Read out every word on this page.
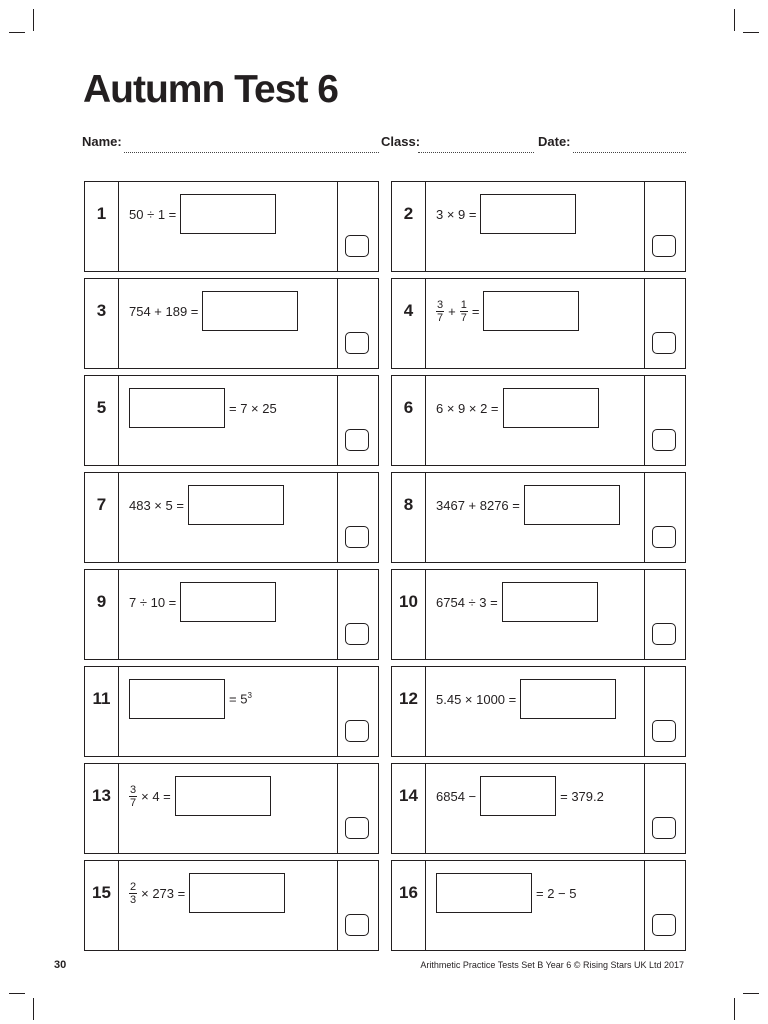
Autumn Test 6
Name:	Class:	Date:
1	50 ÷ 1 =	2	3 × 9 =
3	754 + 189 =	4	$\frac{3}{7} + \frac{1}{7}$ =
5	= 7 × 25	6	6 × 9 × 2 =
7	483 × 5 =	8	3467 + 8276 =
9	7 ÷ 10 =	10	6754 ÷ 3 =
11	= $5^3$	12	5.45 × 1000 =
13	$\frac{3}{7} \times 4$ =	14	6854 −	= 379.2
15	$\frac{2}{3} \times 273$ =	16	= 2 − 5
30	Arithmetic Practice Tests Set B Year 6 © Rising Stars UK Ltd 2017
